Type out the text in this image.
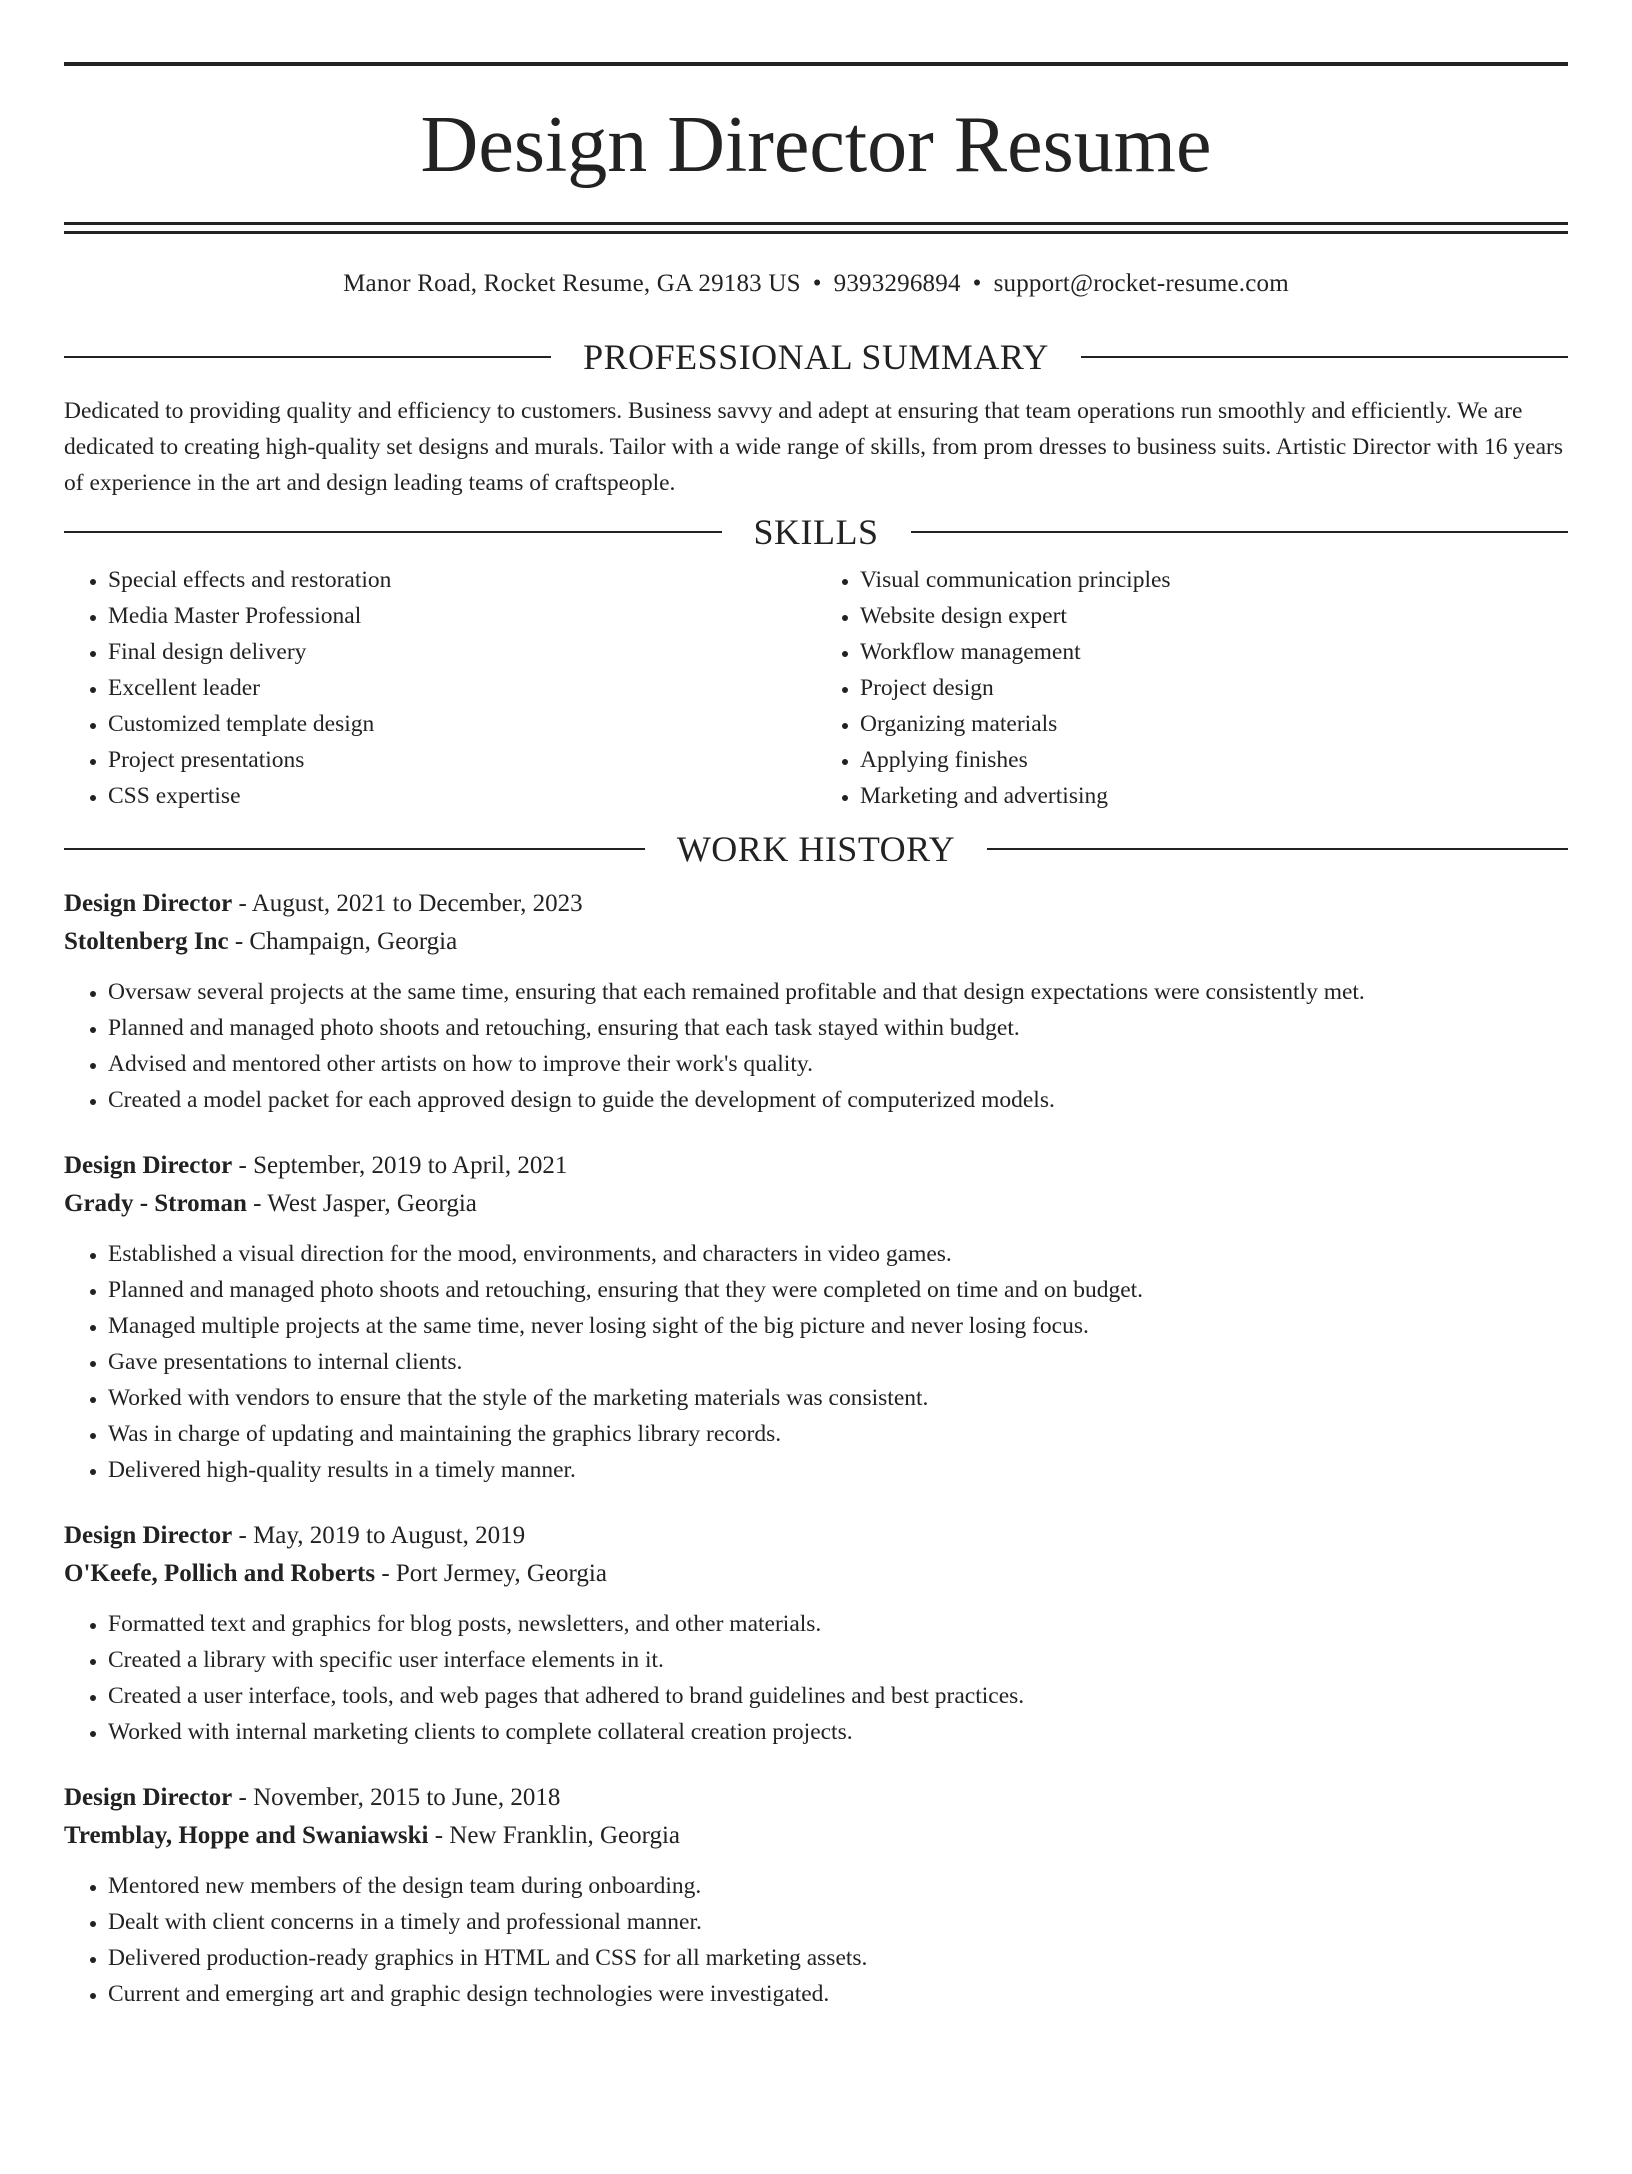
Design Director Resume
Manor Road, Rocket Resume, GA 29183 US • 9393296894 • support@rocket-resume.com
PROFESSIONAL SUMMARY

Dedicated to providing quality and efficiency to customers. Business savvy and adept at ensuring that team operations run smoothly and efficiently. We are dedicated to creating high-quality set designs and murals. Tailor with a wide range of skills, from prom dresses to business suits. Artistic Director with 16 years of experience in the art and design leading teams of craftspeople.

SKILLS
• Special effects and restoration
• Media Master Professional
• Final design delivery
• Excellent leader
• Customized template design
• Project presentations
• CSS expertise
• Visual communication principles
• Website design expert
• Workflow management
• Project design
• Organizing materials
• Applying finishes
• Marketing and advertising
WORK HISTORY
Design Director - August, 2021 to December, 2023
Stoltenberg Inc - Champaign, Georgia
• Oversaw several projects at the same time, ensuring that each remained profitable and that design expectations were consistently met.
• Planned and managed photo shoots and retouching, ensuring that each task stayed within budget.
• Advised and mentored other artists on how to improve their work's quality.
• Created a model packet for each approved design to guide the development of computerized models.
Design Director - September, 2019 to April, 2021
Grady - Stroman - West Jasper, Georgia
• Established a visual direction for the mood, environments, and characters in video games.
• Planned and managed photo shoots and retouching, ensuring that they were completed on time and on budget.
• Managed multiple projects at the same time, never losing sight of the big picture and never losing focus.
• Gave presentations to internal clients.
• Worked with vendors to ensure that the style of the marketing materials was consistent.
• Was in charge of updating and maintaining the graphics library records.
• Delivered high-quality results in a timely manner.
Design Director - May, 2019 to August, 2019
O'Keefe, Pollich and Roberts - Port Jermey, Georgia
• Formatted text and graphics for blog posts, newsletters, and other materials.
• Created a library with specific user interface elements in it.
• Created a user interface, tools, and web pages that adhered to brand guidelines and best practices.
• Worked with internal marketing clients to complete collateral creation projects.
Design Director - November, 2015 to June, 2018
Tremblay, Hoppe and Swaniawski - New Franklin, Georgia
• Mentored new members of the design team during onboarding.
• Dealt with client concerns in a timely and professional manner.
• Delivered production-ready graphics in HTML and CSS for all marketing assets.
• Current and emerging art and graphic design technologies were investigated.
